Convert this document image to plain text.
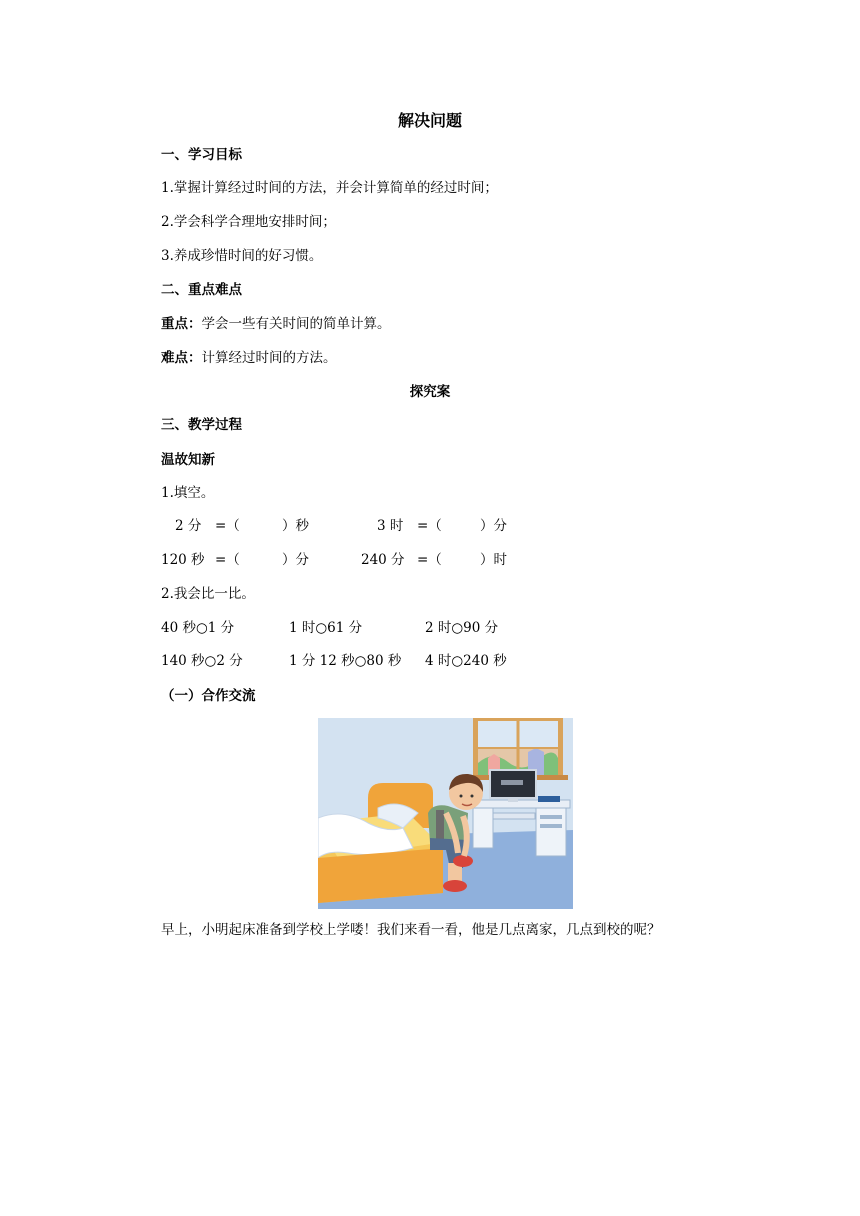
解决问题
一、学习目标
1.掌握计算经过时间的方法，并会计算简单的经过时间；
2.学会科学合理地安排时间；
3.养成珍惜时间的好习惯。
二、重点难点
重点：学会一些有关时间的简单计算。
难点：计算经过时间的方法。
探究案
三、教学过程
温故知新
1.填空。
2 分 =（	）秒	3 时 =（	）分
120 秒 =（	）分	240 分 =（	）时
2.我会比一比。
40 秒○1 分	1 时○61 分	2 时○90 分
140 秒○2 分	1 分 12 秒○80 秒 4 时○240 秒
（一）合作交流
早上，小明起床准备到学校上学喽！我们来看一看，他是几点离家，几点到校的呢？
